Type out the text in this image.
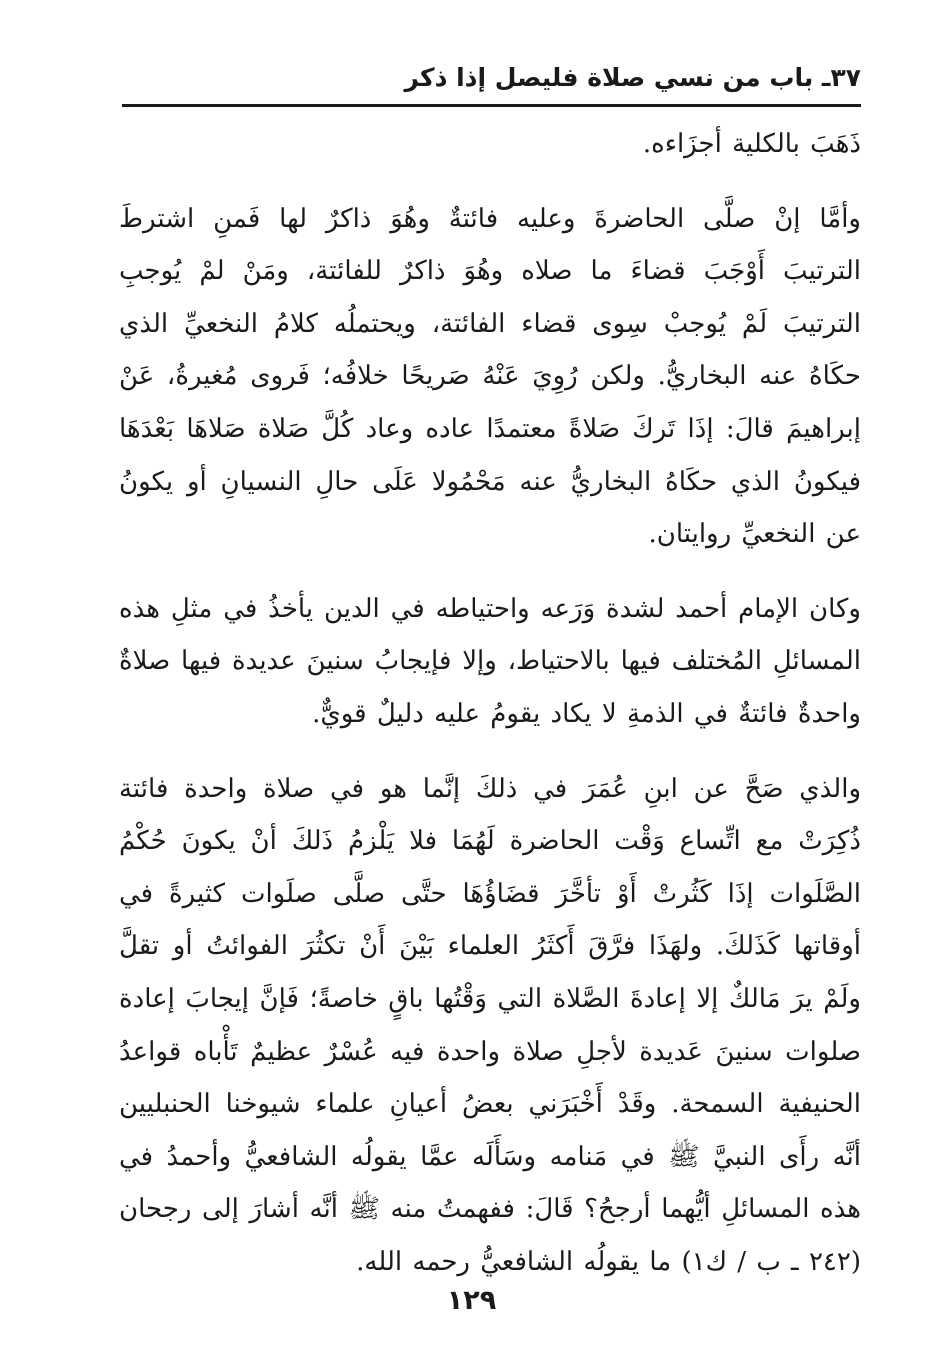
٣٧ـ باب من نسي صلاة فليصل إذا ذكر

ذَهَبَ بالكلية أجزَاءه.

وأمَّا إنْ صلَّى الحاضرةَ وعليه فائتةٌ وهُوَ ذاكرٌ لها فَمنِ اشترطَ الترتيبَ أَوْجَبَ قضاءَ ما صلاه وهُوَ ذاكرٌ للفائتة، ومَنْ لمْ يُوجبِ الترتيبَ لَمْ يُوجبْ سِوى قضاء الفائتة، ويحتملُه كلامُ النخعيِّ الذي حكَاهُ عنه البخاريُّ. ولكن رُوِيَ عَنْهُ صَريحًا خلافُه؛ فَروى مُغيرةُ، عَنْ إبراهيمَ قالَ: إذَا تَركَ صَلاةً معتمدًا عاده وعاد كُلَّ صَلاة صَلاهَا بَعْدَهَا فيكونُ الذي حكَاهُ البخاريُّ عنه مَحْمُولا عَلَى حالِ النسيانِ أو يكونُ عن النخعيِّ روايتان.

وكان الإمام أحمد لشدة وَرَعه واحتياطه في الدين يأخذُ في مثلِ هذه المسائلِ المُختلف فيها بالاحتياط، وإلا فإيجابُ سنينَ عديدة فيها صلاةٌ واحدةٌ فائتةٌ في الذمةِ لا يكاد يقومُ عليه دليلٌ قويٌّ.

والذي صَحَّ عن ابنِ عُمَرَ في ذلكَ إنَّما هو في صلاة واحدة فائتة ذُكِرَتْ مع اتِّساع وَقْت الحاضرة لَهُمَا فلا يَلْزمُ ذَلكَ أنْ يكونَ حُكْمُ الصَّلَوات إذَا كَثُرتْ أَوْ تأخَّرَ قضَاؤُهَا حتَّى صلَّى صلَوات كثيرةً في أوقاتها كَذَلكَ. ولهَذَا فرَّقَ أَكثَرُ العلماء بَيْنَ أَنْ تكثُرَ الفوائتُ أو تقلَّ ولَمْ يرَ مَالكٌ إلا إعادةَ الصَّلاة التي وَقْتُها باقٍ خاصةً؛ فَإنَّ إيجابَ إعادة صلوات سنينَ عَديدة لأجلِ صلاة واحدة فيه عُسْرٌ عظيمٌ تَأْباه قواعدُ الحنيفية السمحة. وقَدْ أَخْبَرَني بعضُ أعيانِ علماء شيوخنا الحنبليين أنَّه رأَى النبيَّ ﷺ في مَنامه وسَأَلَه عمَّا يقولُه الشافعيُّ وأحمدُ في هذه المسائلِ أيُّهما أرجحُ؟ قَالَ: ففهمتُ منه ﷺ أنَّه أشارَ إلى رجحان (٢٤٢ ـ ب / ك١) ما يقولُه الشافعيُّ رحمه الله.

١٢٩
